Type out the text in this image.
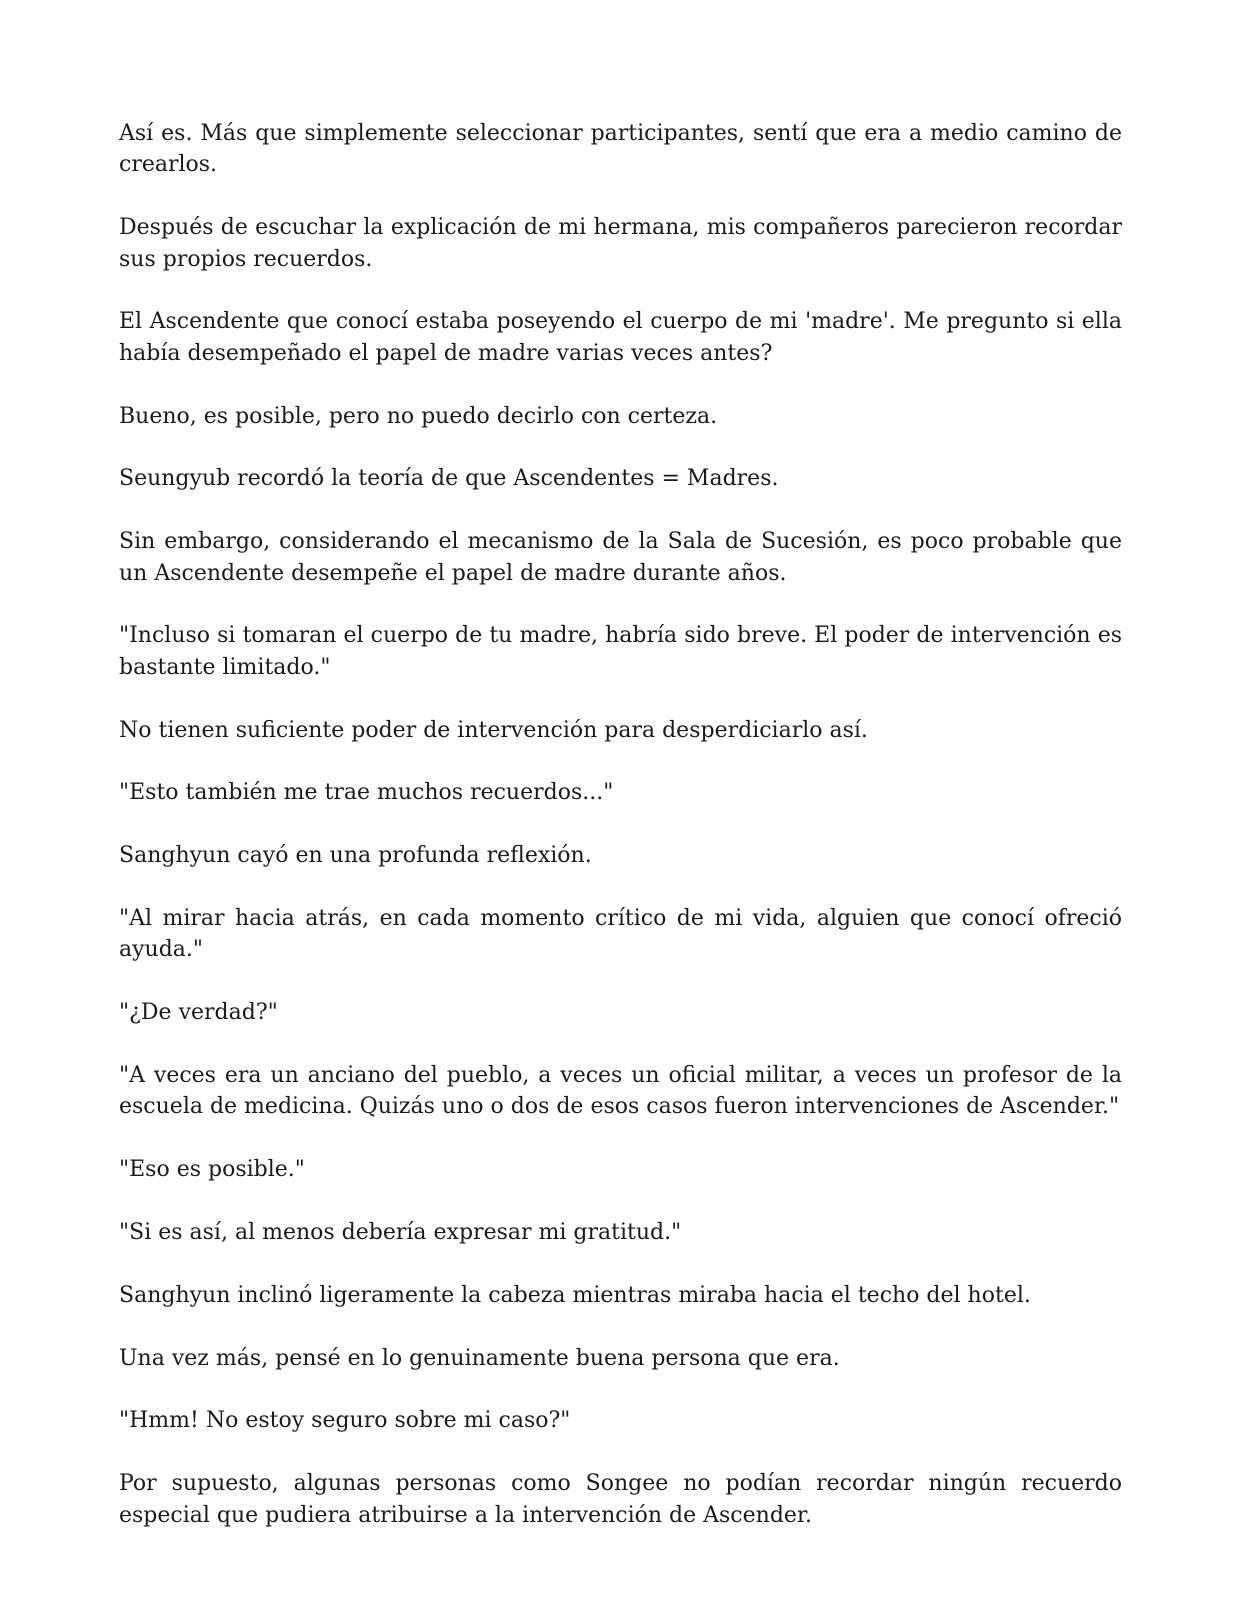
Así es. Más que simplemente seleccionar participantes, sentí que era a medio camino de crearlos.

Después de escuchar la explicación de mi hermana, mis compañeros parecieron recordar sus propios recuerdos.

El Ascendente que conocí estaba poseyendo el cuerpo de mi 'madre'. Me pregunto si ella había desempeñado el papel de madre varias veces antes?

Bueno, es posible, pero no puedo decirlo con certeza.

Seungyub recordó la teoría de que Ascendentes = Madres.

Sin embargo, considerando el mecanismo de la Sala de Sucesión, es poco probable que un Ascendente desempeñe el papel de madre durante años.

"Incluso si tomaran el cuerpo de tu madre, habría sido breve. El poder de intervención es bastante limitado."

No tienen suficiente poder de intervención para desperdiciarlo así.

"Esto también me trae muchos recuerdos..."

Sanghyun cayó en una profunda reflexión.

"Al mirar hacia atrás, en cada momento crítico de mi vida, alguien que conocí ofreció ayuda."

"¿De verdad?"

"A veces era un anciano del pueblo, a veces un oficial militar, a veces un profesor de la escuela de medicina. Quizás uno o dos de esos casos fueron intervenciones de Ascender."

"Eso es posible."

"Si es así, al menos debería expresar mi gratitud."

Sanghyun inclinó ligeramente la cabeza mientras miraba hacia el techo del hotel.

Una vez más, pensé en lo genuinamente buena persona que era.

"Hmm! No estoy seguro sobre mi caso?"

Por supuesto, algunas personas como Songee no podían recordar ningún recuerdo especial que pudiera atribuirse a la intervención de Ascender.
